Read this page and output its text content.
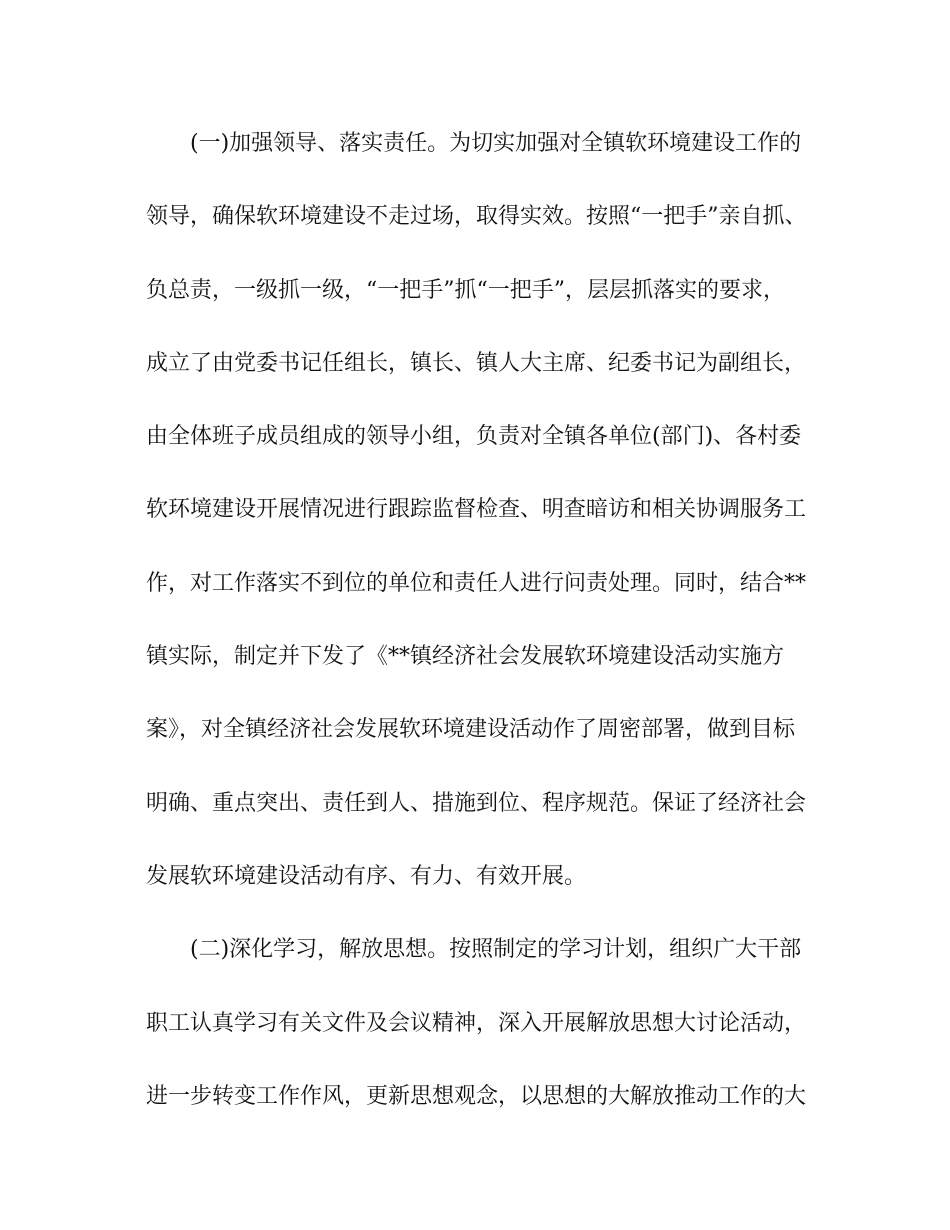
(一)加强领导、落实责任。为切实加强对全镇软环境建设工作的
领导，确保软环境建设不走过场，取得实效。按照“一把手”亲自抓、
负总责，一级抓一级，“一把手”抓“一把手”，层层抓落实的要求，
成立了由党委书记任组长，镇长、镇人大主席、纪委书记为副组长，
由全体班子成员组成的领导小组，负责对全镇各单位(部门)、各村委
软环境建设开展情况进行跟踪监督检查、明查暗访和相关协调服务工
作，对工作落实不到位的单位和责任人进行问责处理。同时，结合**
镇实际，制定并下发了《**镇经济社会发展软环境建设活动实施方
案》，对全镇经济社会发展软环境建设活动作了周密部署，做到目标
明确、重点突出、责任到人、措施到位、程序规范。保证了经济社会
发展软环境建设活动有序、有力、有效开展。
(二)深化学习，解放思想。按照制定的学习计划，组织广大干部
职工认真学习有关文件及会议精神，深入开展解放思想大讨论活动，
进一步转变工作作风，更新思想观念，以思想的大解放推动工作的大
